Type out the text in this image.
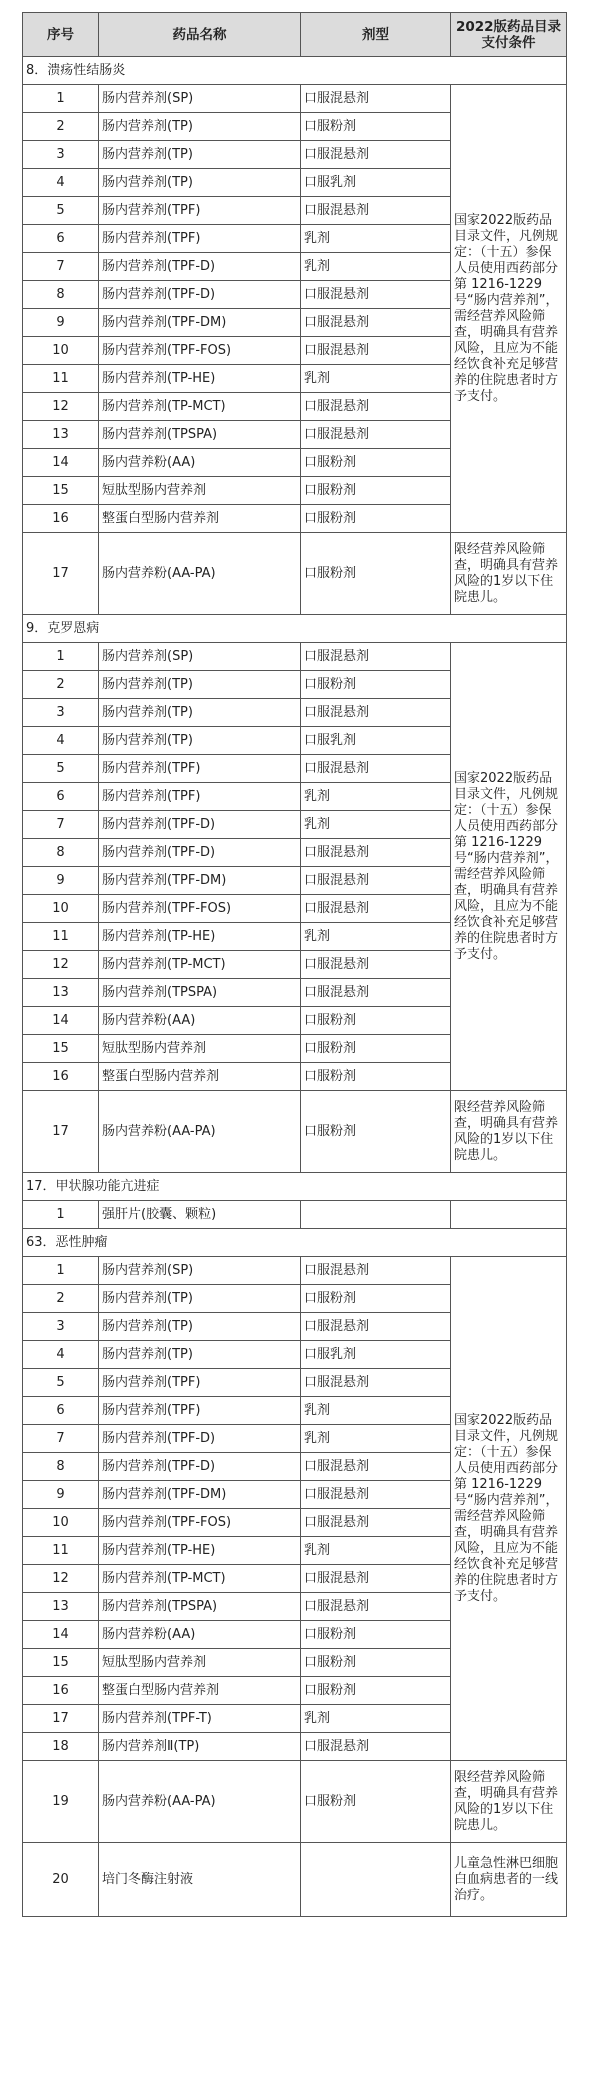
序号	药品名称	剂型	2022版药品目录支付条件
8．溃疡性结肠炎			
1	肠内营养剂(SP)	口服混悬剂	国家2022版药品目录文件，凡例规定：（十五）参保人员使用西药部分第 1216-1229 号“肠内营养剂”，需经营养风险筛查，明确具有营养风险，且应为不能经饮食补充足够营养的住院患者时方予支付。
2	肠内营养剂(TP)	口服粉剂	
3	肠内营养剂(TP)	口服混悬剂	
4	肠内营养剂(TP)	口服乳剂	
5	肠内营养剂(TPF)	口服混悬剂	
6	肠内营养剂(TPF)	乳剂	
7	肠内营养剂(TPF-D)	乳剂	
8	肠内营养剂(TPF-D)	口服混悬剂	
9	肠内营养剂(TPF-DM)	口服混悬剂	
10	肠内营养剂(TPF-FOS)	口服混悬剂	
11	肠内营养剂(TP-HE)	乳剂	
12	肠内营养剂(TP-MCT)	口服混悬剂	
13	肠内营养剂(TPSPA)	口服混悬剂	
14	肠内营养粉(AA)	口服粉剂	
15	短肽型肠内营养剂	口服粉剂	
16	整蛋白型肠内营养剂	口服粉剂	
17	肠内营养粉(AA-PA)	口服粉剂	限经营养风险筛查，明确具有营养风险的1岁以下住院患儿。
9．克罗恩病			
1	肠内营养剂(SP)	口服混悬剂	国家2022版药品目录文件，凡例规定：（十五）参保人员使用西药部分第 1216-1229 号“肠内营养剂”，需经营养风险筛查，明确具有营养风险，且应为不能经饮食补充足够营养的住院患者时方予支付。
2	肠内营养剂(TP)	口服粉剂	
3	肠内营养剂(TP)	口服混悬剂	
4	肠内营养剂(TP)	口服乳剂	
5	肠内营养剂(TPF)	口服混悬剂	
6	肠内营养剂(TPF)	乳剂	
7	肠内营养剂(TPF-D)	乳剂	
8	肠内营养剂(TPF-D)	口服混悬剂	
9	肠内营养剂(TPF-DM)	口服混悬剂	
10	肠内营养剂(TPF-FOS)	口服混悬剂	
11	肠内营养剂(TP-HE)	乳剂	
12	肠内营养剂(TP-MCT)	口服混悬剂	
13	肠内营养剂(TPSPA)	口服混悬剂	
14	肠内营养粉(AA)	口服粉剂	
15	短肽型肠内营养剂	口服粉剂	
16	整蛋白型肠内营养剂	口服粉剂	
17	肠内营养粉(AA-PA)	口服粉剂	限经营养风险筛查，明确具有营养风险的1岁以下住院患儿。
17．甲状腺功能亢进症			
1	强肝片(胶囊、颗粒)		
63．恶性肿瘤			
1	肠内营养剂(SP)	口服混悬剂	国家2022版药品目录文件，凡例规定：（十五）参保人员使用西药部分第 1216-1229 号“肠内营养剂”，需经营养风险筛查，明确具有营养风险，且应为不能经饮食补充足够营养的住院患者时方予支付。
2	肠内营养剂(TP)	口服粉剂	
3	肠内营养剂(TP)	口服混悬剂	
4	肠内营养剂(TP)	口服乳剂	
5	肠内营养剂(TPF)	口服混悬剂	
6	肠内营养剂(TPF)	乳剂	
7	肠内营养剂(TPF-D)	乳剂	
8	肠内营养剂(TPF-D)	口服混悬剂	
9	肠内营养剂(TPF-DM)	口服混悬剂	
10	肠内营养剂(TPF-FOS)	口服混悬剂	
11	肠内营养剂(TP-HE)	乳剂	
12	肠内营养剂(TP-MCT)	口服混悬剂	
13	肠内营养剂(TPSPA)	口服混悬剂	
14	肠内营养粉(AA)	口服粉剂	
15	短肽型肠内营养剂	口服粉剂	
16	整蛋白型肠内营养剂	口服粉剂	
17	肠内营养剂(TPF-T)	乳剂	
18	肠内营养剂Ⅱ(TP)	口服混悬剂	
19	肠内营养粉(AA-PA)	口服粉剂	限经营养风险筛查，明确具有营养风险的1岁以下住院患儿。
20	培门冬酶注射液		儿童急性淋巴细胞白血病患者的一线治疗。
